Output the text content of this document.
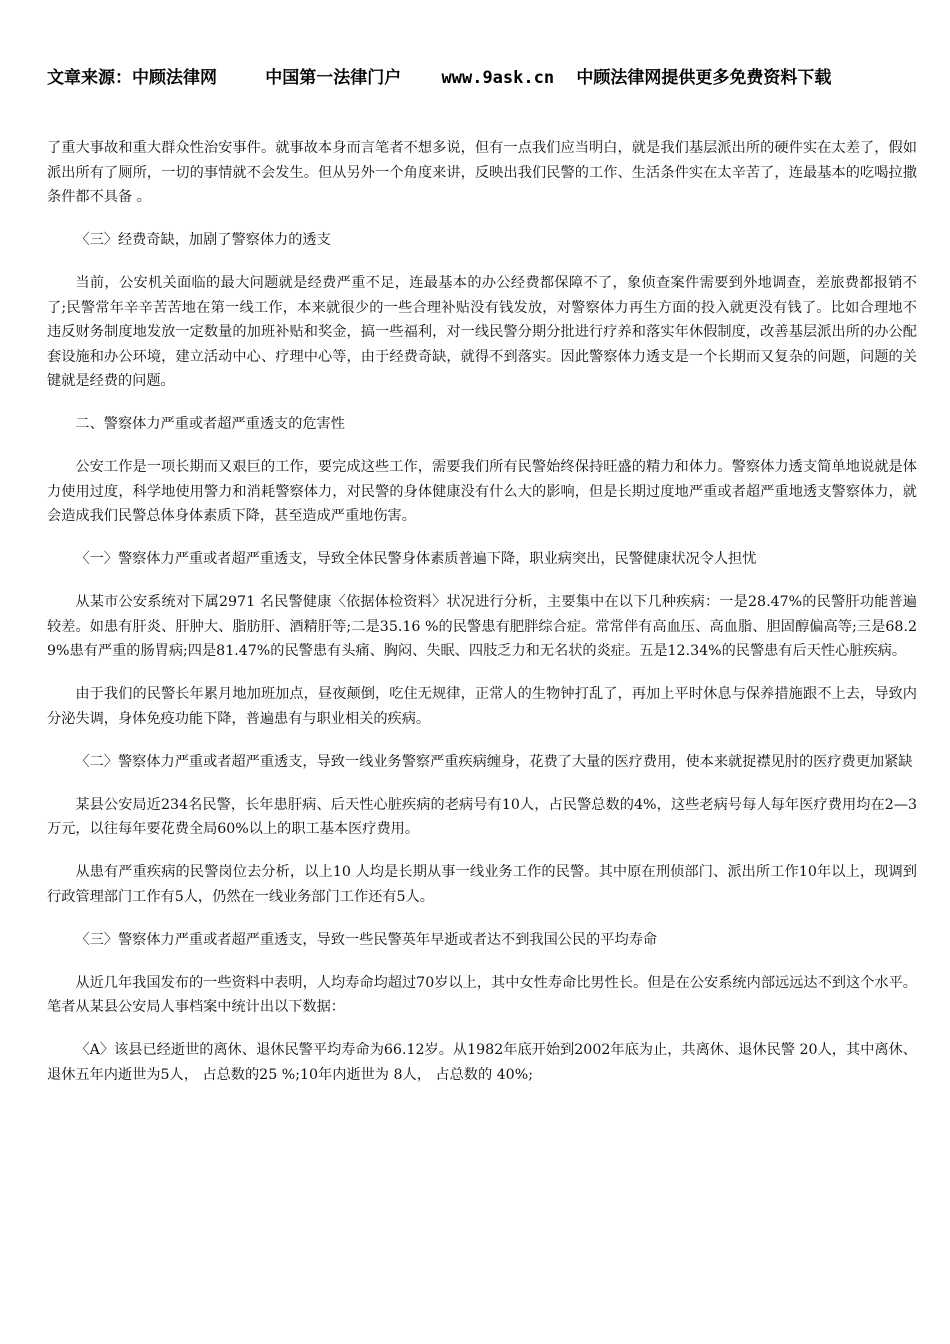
文章来源：中顾法律网	中国第一法律门户 www.9ask.cn 中顾法律网提供更多免费资料下载

了重大事故和重大群众性治安事件。就事故本身而言笔者不想多说，但有一点我们应当明白，就是我们基层派出所的硬件实在太差了，假如派出所有了厕所，一切的事情就不会发生。但从另外一个角度来讲，反映出我们民警的工作、生活条件实在太辛苦了，连最基本的吃喝拉撒条件都不具备 。

〈三〉经费奇缺，加剧了警察体力的透支

当前，公安机关面临的最大问题就是经费严重不足，连最基本的办公经费都保障不了，象侦查案件需要到外地调查，差旅费都报销不了;民警常年辛辛苦苦地在第一线工作，本来就很少的一些合理补贴没有钱发放，对警察体力再生方面的投入就更没有钱了。比如合理地不违反财务制度地发放一定数量的加班补贴和奖金，搞一些福利，对一线民警分期分批进行疗养和落实年休假制度，改善基层派出所的办公配套设施和办公环境，建立活动中心、疗理中心等，由于经费奇缺，就得不到落实。因此警察体力透支是一个长期而又复杂的问题，问题的关键就是经费的问题。

二、警察体力严重或者超严重透支的危害性

公安工作是一项长期而又艰巨的工作，要完成这些工作，需要我们所有民警始终保持旺盛的精力和体力。警察体力透支简单地说就是体力使用过度，科学地使用警力和消耗警察体力，对民警的身体健康没有什么大的影响，但是长期过度地严重或者超严重地透支警察体力，就会造成我们民警总体身体素质下降，甚至造成严重地伤害。

〈一〉警察体力严重或者超严重透支，导致全体民警身体素质普遍下降，职业病突出，民警健康状况令人担忧

从某市公安系统对下属2971 名民警健康〈依据体检资料〉状况进行分析，主要集中在以下几种疾病：一是28.47%的民警肝功能普遍较差。如患有肝炎、肝肿大、脂肪肝、酒精肝等;二是35.16 %的民警患有肥胖综合症。常常伴有高血压、高血脂、胆固醇偏高等;三是68.29%患有严重的肠胃病;四是81.47%的民警患有头痛、胸闷、失眠、四肢乏力和无名状的炎症。五是12.34%的民警患有后天性心脏疾病。

由于我们的民警长年累月地加班加点，昼夜颠倒，吃住无规律，正常人的生物钟打乱了，再加上平时休息与保养措施跟不上去，导致内分泌失调，身体免疫功能下降，普遍患有与职业相关的疾病。

〈二〉警察体力严重或者超严重透支，导致一线业务警察严重疾病缠身，花费了大量的医疗费用，使本来就捉襟见肘的医疗费更加紧缺

某县公安局近234名民警，长年患肝病、后天性心脏疾病的老病号有10人，占民警总数的4%，这些老病号每人每年医疗费用均在2—3万元，以往每年要花费全局60%以上的职工基本医疗费用。

从患有严重疾病的民警岗位去分析，以上10 人均是长期从事一线业务工作的民警。其中原在刑侦部门、派出所工作10年以上，现调到行政管理部门工作有5人，仍然在一线业务部门工作还有5人。

〈三〉警察体力严重或者超严重透支，导致一些民警英年早逝或者达不到我国公民的平均寿命

从近几年我国发布的一些资料中表明，人均寿命均超过70岁以上，其中女性寿命比男性长。但是在公安系统内部远远达不到这个水平。笔者从某县公安局人事档案中统计出以下数据：

〈A〉该县已经逝世的离休、退休民警平均寿命为66.12岁。从1982年底开始到2002年底为止，共离休、退休民警 20人，其中离休、退休五年内逝世为5人， 占总数的25 %;10年内逝世为 8人， 占总数的 40%;
